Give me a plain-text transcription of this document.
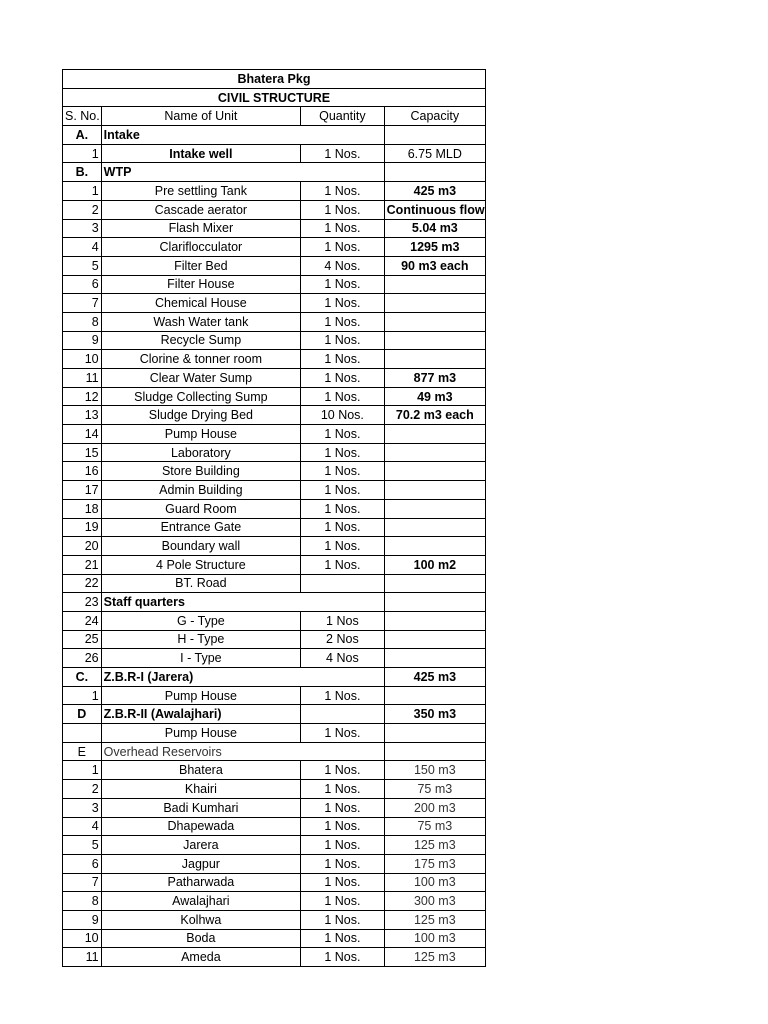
Bhatera Pkg			
CIVIL STRUCTURE			
S. No.	Name of Unit	Quantity	Capacity
A.	Intake		
1	Intake well	1 Nos.	6.75 MLD
B.	WTP		
1	Pre settling Tank	1 Nos.	425 m3
2	Cascade aerator	1 Nos.	Continuous flow
3	Flash Mixer	1 Nos.	5.04 m3
4	Clariflocculator	1 Nos.	1295 m3
5	Filter Bed	4 Nos.	90 m3 each
6	Filter House	1 Nos.	
7	Chemical House	1 Nos.	
8	Wash Water tank	1 Nos.	
9	Recycle Sump	1 Nos.	
10	Clorine & tonner room	1 Nos.	
11	Clear Water Sump	1 Nos.	877 m3
12	Sludge Collecting Sump	1 Nos.	49 m3
13	Sludge Drying Bed	10 Nos.	70.2 m3 each
14	Pump House	1 Nos.	
15	Laboratory	1 Nos.	
16	Store Building	1 Nos.	
17	Admin Building	1 Nos.	
18	Guard Room	1 Nos.	
19	Entrance Gate	1 Nos.	
20	Boundary wall	1 Nos.	
21	4 Pole Structure	1 Nos.	100 m2
22	BT. Road		
23	Staff quarters		
24	G - Type	1 Nos	
25	H - Type	2 Nos	
26	I - Type	4 Nos	
C.	Z.B.R-I (Jarera)		425 m3
1	Pump House	1 Nos.	
D	Z.B.R-II (Awalajhari)		350 m3
	Pump House	1 Nos.	
E	Overhead Reservoirs		
1	Bhatera	1 Nos.	150 m3
2	Khairi	1 Nos.	75 m3
3	Badi Kumhari	1 Nos.	200 m3
4	Dhapewada	1 Nos.	75 m3
5	Jarera	1 Nos.	125 m3
6	Jagpur	1 Nos.	175 m3
7	Patharwada	1 Nos.	100 m3
8	Awalajhari	1 Nos.	300 m3
9	Kolhwa	1 Nos.	125 m3
10	Boda	1 Nos.	100 m3
11	Ameda	1 Nos.	125 m3
